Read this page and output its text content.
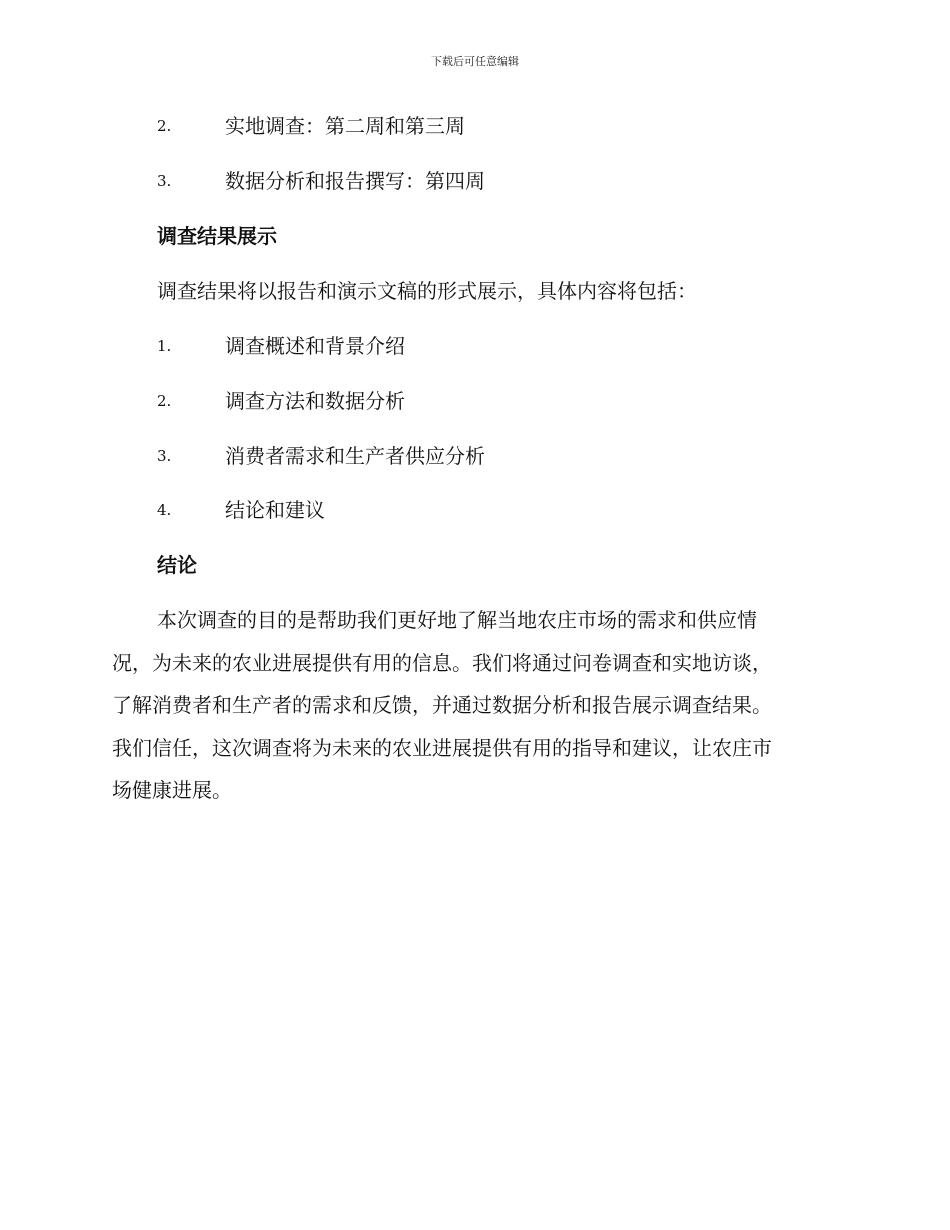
下载后可任意编辑
2.	实地调查：第二周和第三周
3.	数据分析和报告撰写：第四周
调查结果展示
调查结果将以报告和演示文稿的形式展示，具体内容将包括：
1.	调查概述和背景介绍
2.	调查方法和数据分析
3.	消费者需求和生产者供应分析
4.	结论和建议
结论
本次调查的目的是帮助我们更好地了解当地农庄市场的需求和供应情
况，为未来的农业进展提供有用的信息。我们将通过问卷调查和实地访谈，
了解消费者和生产者的需求和反馈，并通过数据分析和报告展示调查结果。
我们信任，这次调查将为未来的农业进展提供有用的指导和建议，让农庄市
场健康进展。
